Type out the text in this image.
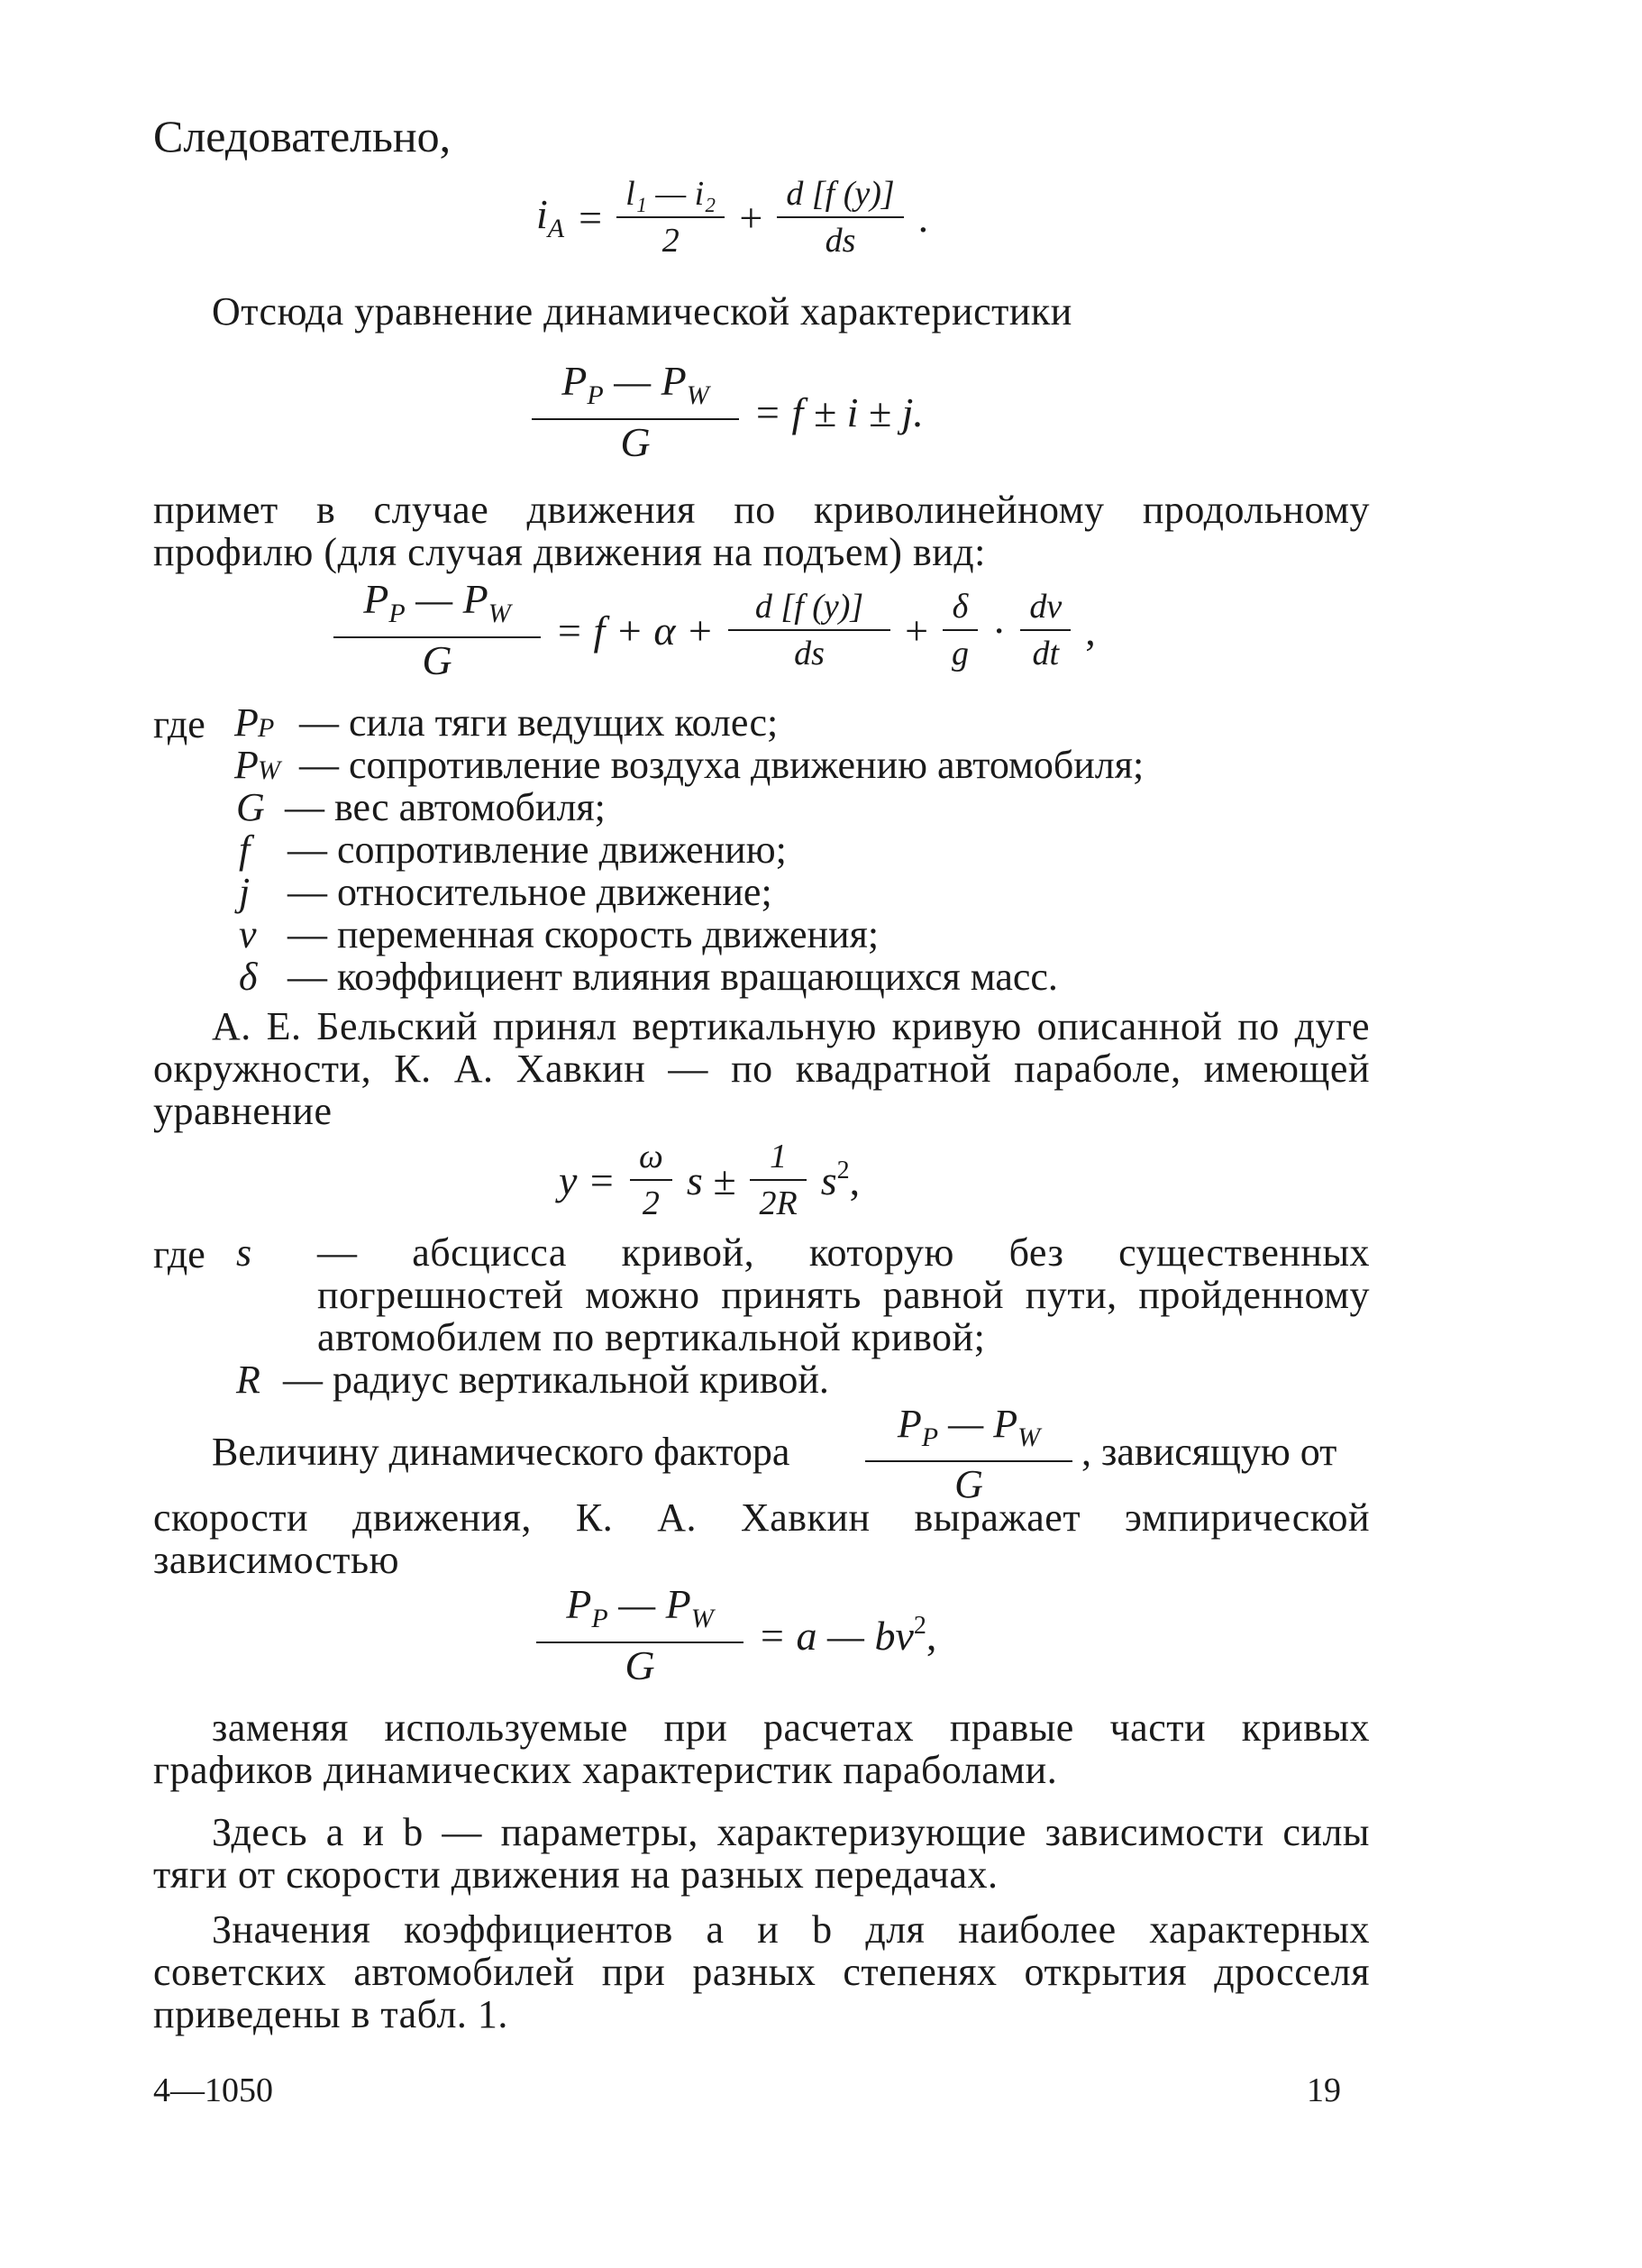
Следовательно,
$i_A = \frac{\text{l₁ — i₂}}{2} + \frac{d [f (y)]}{ds}$ .
Отсюда уравнение динамической характеристики
$\frac{P_P — P_W}{G} = f \pm i \pm j$.
примет в случае движения по криволинейному продольному профилю (для случая движения на подъем) вид:
$\frac{P_P — P_W}{G} = f + \alpha + \frac{d [f (y)]}{ds} + \frac{\delta}{g} \cdot \frac{dv}{dt}$ ,
где P P — сила тяги ведущих колес;
P W — сопротивление воздуха движению автомобиля;
G — вес автомобиля;
f — сопротивление движению;
j — относительное движение;
v — переменная скорость движения;
δ — коэффициент влияния вращающихся масс.
А. Е. Бельский принял вертикальную кривую описанной по дуге окружности, К. А. Хавкин — по квадратной параболе, имеющей уравнение
$y = \frac{\omega}{2}$ $s \pm \frac{1}{2R} s^2$,
где s — абсцисса кривой, которую без существенных погрешностей можно принять равной пути, пройденному автомобилем по вертикальной кривой;
R — радиус вертикальной кривой.
Величину динамического фактора
$P_P$ — $P_W$
G
, зависящую от
скорости движения, К. А. Хавкин выражает эмпирической зависимостью
$\frac{P_P — P_W}{G} = a$ — $bv^2$,
заменяя используемые при расчетах правые части кривых графиков динамических характеристик параболами.
Здесь a и b — параметры, характеризующие зависимости силы тяги от скорости движения на разных передачах.
Значения коэффициентов a и b для наиболее характерных советских автомобилей при разных степенях открытия дросселя приведены в табл. 1.
4—1050	19
